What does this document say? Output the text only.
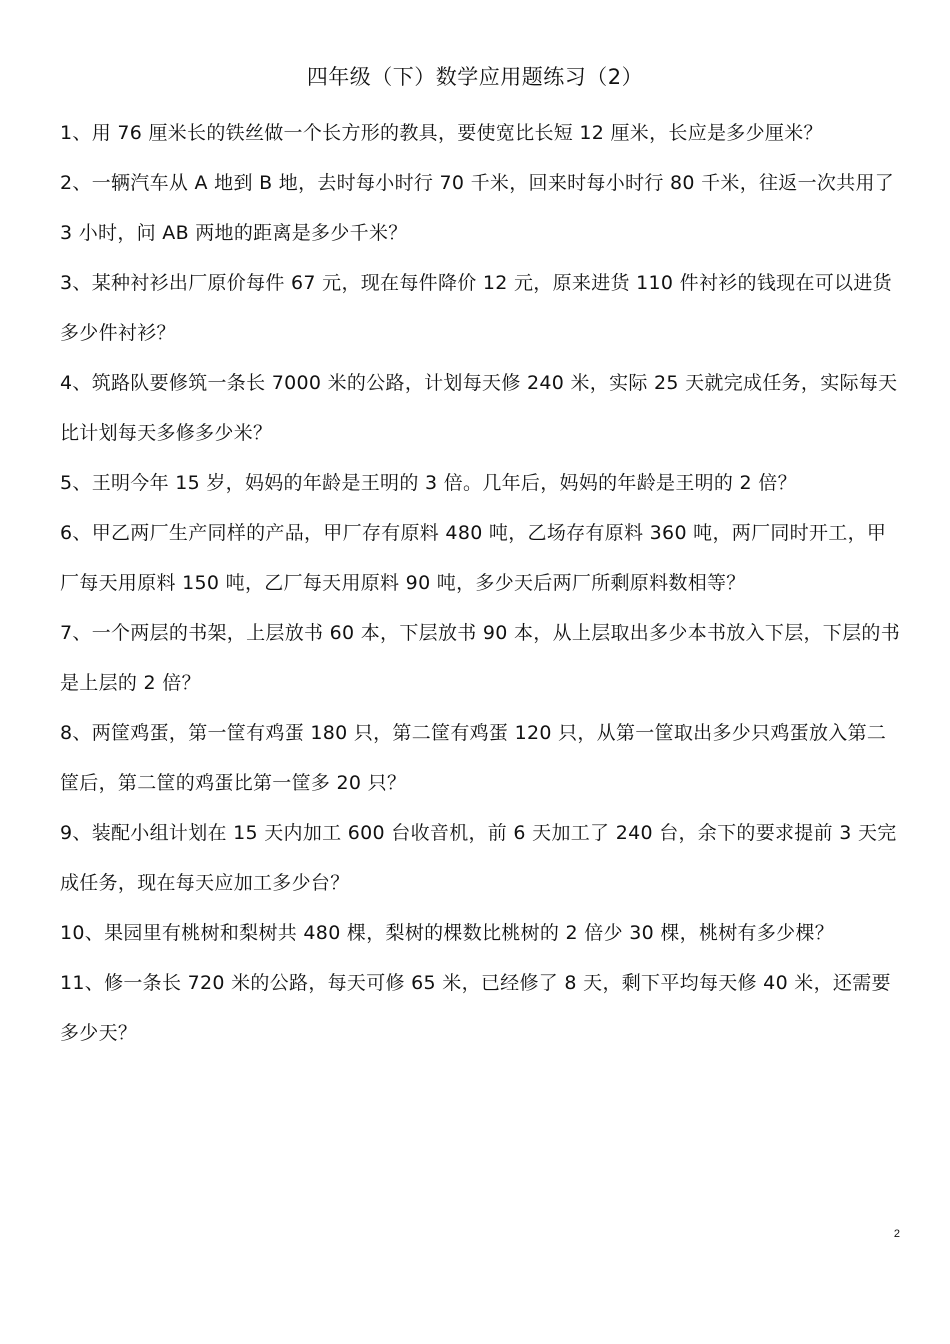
四年级（下）数学应用题练习（2）
1、用 76 厘米长的铁丝做一个长方形的教具，要使宽比长短 12 厘米，长应是多少厘米？
2、一辆汽车从 A 地到 B 地，去时每小时行 70 千米，回来时每小时行 80 千米，往返一次共用了 3 小时，问 AB 两地的距离是多少千米？
3、某种衬衫出厂原价每件 67 元，现在每件降价 12 元，原来进货 110 件衬衫的钱现在可以进货多少件衬衫？
4、筑路队要修筑一条长 7000 米的公路，计划每天修 240 米，实际 25 天就完成任务，实际每天比计划每天多修多少米？
5、王明今年 15 岁，妈妈的年龄是王明的 3 倍。几年后，妈妈的年龄是王明的 2 倍？
6、甲乙两厂生产同样的产品，甲厂存有原料 480 吨，乙场存有原料 360 吨，两厂同时开工，甲厂每天用原料 150 吨，乙厂每天用原料 90 吨，多少天后两厂所剩原料数相等？
7、一个两层的书架，上层放书 60 本，下层放书 90 本，从上层取出多少本书放入下层，下层的书是上层的 2 倍？
8、两筐鸡蛋，第一筐有鸡蛋 180 只，第二筐有鸡蛋 120 只，从第一筐取出多少只鸡蛋放入第二筐后，第二筐的鸡蛋比第一筐多 20 只？
9、装配小组计划在 15 天内加工 600 台收音机，前 6 天加工了 240 台，余下的要求提前 3 天完成任务，现在每天应加工多少台？
10、果园里有桃树和梨树共 480 棵，梨树的棵数比桃树的 2 倍少 30 棵，桃树有多少棵？
11、修一条长 720 米的公路，每天可修 65 米，已经修了 8 天，剩下平均每天修 40 米，还需要多少天？
2
